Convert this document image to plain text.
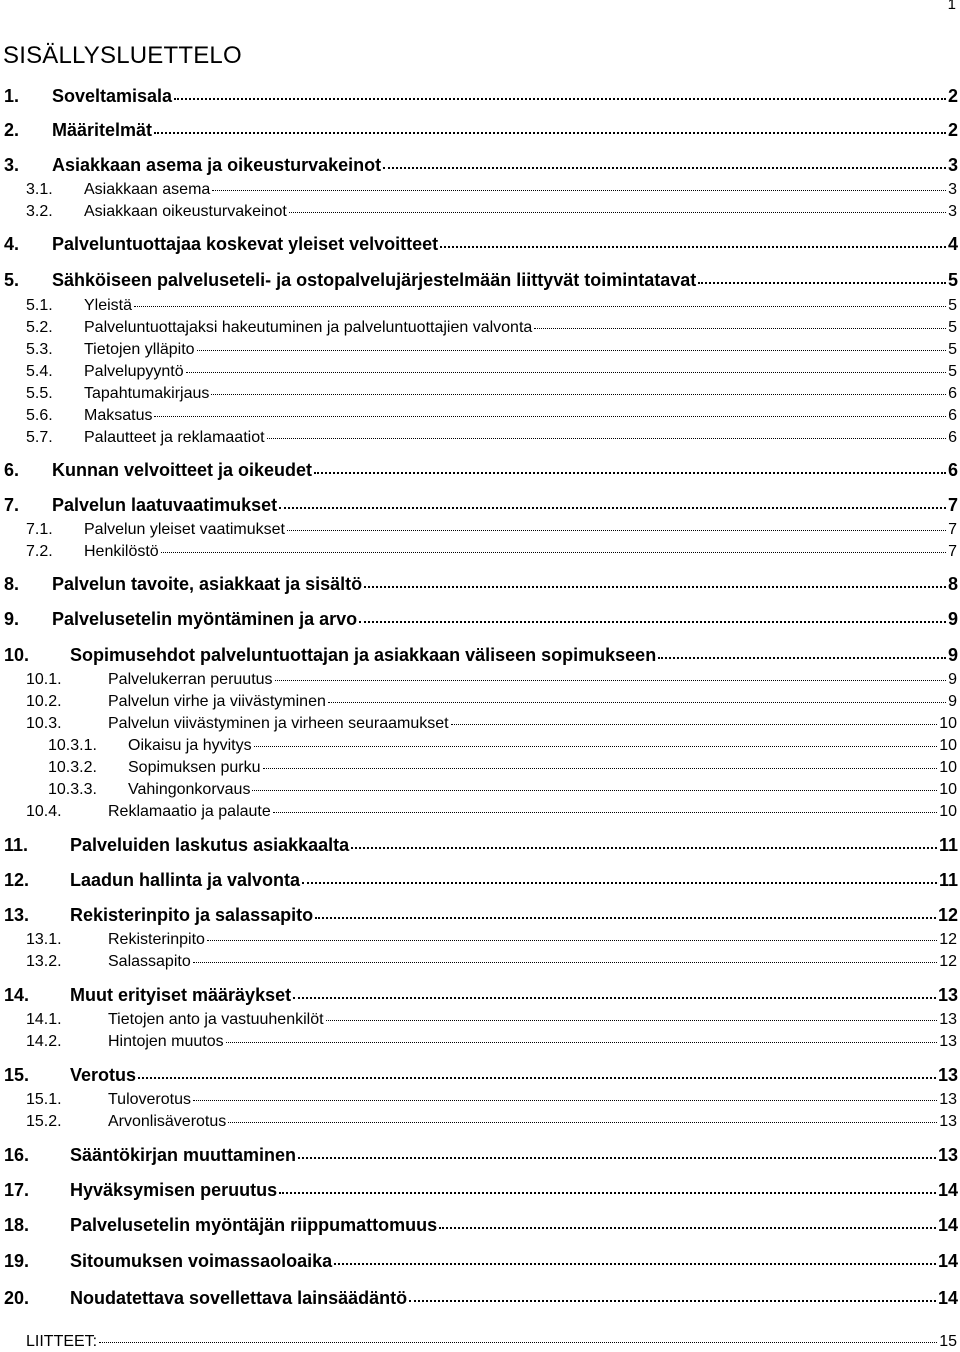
1
SISÄLLYSLUETTELO
1.	Soveltamisala	2
2.	Määritelmät	2
3.	Asiakkaan asema ja oikeusturvakeinot	3
3.1.	Asiakkaan asema	3
3.2.	Asiakkaan oikeusturvakeinot	3
4.	Palveluntuottajaa koskevat yleiset velvoitteet	4
5.	Sähköiseen palveluseteli- ja ostopalvelujärjestelmään liittyvät toimintatavat	5
5.1.	Yleistä	5
5.2.	Palveluntuottajaksi hakeutuminen ja palveluntuottajien valvonta	5
5.3.	Tietojen ylläpito	5
5.4.	Palvelupyyntö	5
5.5.	Tapahtumakirjaus	6
5.6.	Maksatus	6
5.7.	Palautteet ja reklamaatiot	6
6.	Kunnan velvoitteet ja oikeudet	6
7.	Palvelun laatuvaatimukset	7
7.1.	Palvelun yleiset vaatimukset	7
7.2.	Henkilöstö	7
8.	Palvelun tavoite, asiakkaat ja sisältö	8
9.	Palvelusetelin myöntäminen ja arvo	9
10.	Sopimusehdot palveluntuottajan ja asiakkaan väliseen sopimukseen	9
10.1.	Palvelukerran peruutus	9
10.2.	Palvelun virhe ja viivästyminen	9
10.3.	Palvelun viivästyminen ja virheen seuraamukset	10
10.3.1.	Oikaisu ja hyvitys	10
10.3.2.	Sopimuksen purku	10
10.3.3.	Vahingonkorvaus	10
10.4.	Reklamaatio ja palaute	10
11.	Palveluiden laskutus asiakkaalta	11
12.	Laadun hallinta ja valvonta	11
13.	Rekisterinpito ja salassapito	12
13.1.	Rekisterinpito	12
13.2.	Salassapito	12
14.	Muut erityiset määräykset	13
14.1.	Tietojen anto ja vastuuhenkilöt	13
14.2.	Hintojen muutos	13
15.	Verotus	13
15.1.	Tuloverotus	13
15.2.	Arvonlisäverotus	13
16.	Sääntökirjan muuttaminen	13
17.	Hyväksymisen peruutus	14
18.	Palvelusetelin myöntäjän riippumattomuus	14
19.	Sitoumuksen voimassaoloaika	14
20.	Noudatettava sovellettava lainsäädäntö	14
LIITTEET:	15
